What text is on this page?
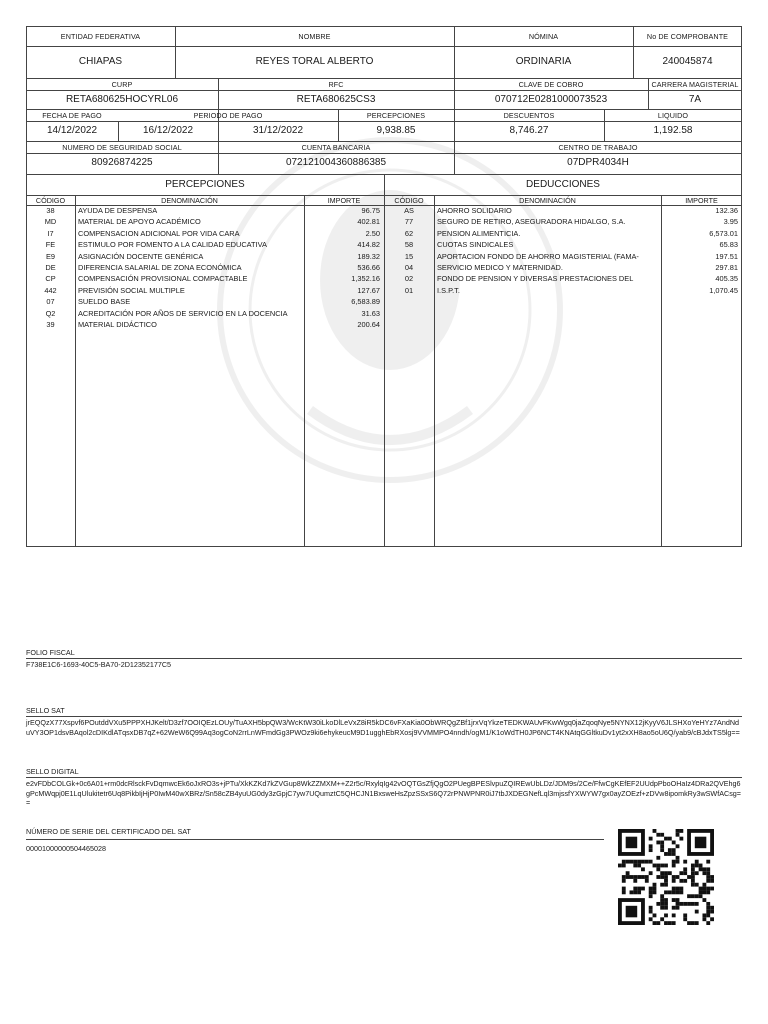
ENTIDAD FEDERATIVA	NOMBRE	NÓMINA	No DE COMPROBANTE
CHIAPAS	REYES TORAL ALBERTO	ORDINARIA	240045874
CURP	RFC	CLAVE DE COBRO	CARRERA MAGISTERIAL
RETA680625HOCYRL06	RETA680625CS3	070712E0281000073523	7A
FECHA DE PAGO	PERIODO DE PAGO	PERCEPCIONES	DESCUENTOS	LIQUIDO
14/12/2022	16/12/2022	31/12/2022	9,938.85	8,746.27	1,192.58
NUMERO DE SEGURIDAD SOCIAL	CUENTA BANCARIA	CENTRO DE TRABAJO
80926874225	072121004360886385	07DPR4034H
PERCEPCIONES	DEDUCCIONES
CÓDIGO	DENOMINACIÓN	IMPORTE	CÓDIGO	DENOMINACIÓN	IMPORTE
38	AYUDA DE DESPENSA	96.75
MD	MATERIAL DE APOYO ACADÉMICO	402.81
I7	COMPENSACION ADICIONAL POR VIDA CARA	2.50
FE	ESTIMULO POR FOMENTO A LA CALIDAD EDUCATIVA	414.82
E9	ASIGNACIÓN DOCENTE GENÉRICA	189.32
DE	DIFERENCIA SALARIAL DE ZONA ECONÓMICA	536.66
CP	COMPENSACIÓN PROVISIONAL COMPACTABLE	1,352.16
442	PREVISIÓN SOCIAL MULTIPLE	127.67
07	SUELDO BASE	6,583.89
Q2	ACREDITACIÓN POR AÑOS DE SERVICIO EN LA DOCENCIA	31.63
39	MATERIAL DIDÁCTICO	200.64
AS	AHORRO SOLIDARIO	132.36
77	SEGURO DE RETIRO, ASEGURADORA HIDALGO, S.A.	3.95
62	PENSION ALIMENTICIA.	6,573.01
58	CUOTAS SINDICALES	65.83
15	APORTACION FONDO DE AHORRO MAGISTERIAL (FAMA-	197.51
04	SERVICIO MEDICO Y MATERNIDAD.	297.81
02	FONDO DE PENSION Y DIVERSAS PRESTACIONES DEL	405.35
01	I.S.P.T.	1,070.45
FOLIO FISCAL
F738E1C6-1693-40C5-BA70-2D12352177C5
SELLO SAT
jrEQQzX77Xspvf6POutddVXu5PPPXHJKelt/D3zf7OOIQEzLOUy/TuAXH5bpQW3/WcKtW30iLkoDlLeVxZ8iR5kDC6vFXaKia0ObWRQgZBf1jrxVqYkzeTEDKWAUvFKwWgq0jaZqoqNye5NYNX12jKyyV6JLSHXoYeHYz7AndNduVY3OP1dsvBAqol2cDIKdlATqsxDB7qZ+62WeW6Q99Aq3ogCoN2rrLnWFmdGg3PWOz9ki6ehykeucM9D1ugghEbRXosj9VVMMPO4nndh/ogM1/K1oWdTH0JP6NCT4KNAtqGGltkuDv1yt2xXH8ao5oU6Q/yab9/cBJdxTS5lg==
SELLO DIGITAL
e2vFDbCOLGk+0c6A01+rm0dcRlsckFvDqmwcEk6oJxRO3s+jPTu/XkKZKd7kZVGup8WkZZMXM++Z2r5c/RxylqIg42vOQTGsZfjQgO2PUegBPESlvpuZQIREwUbLDz/JDM9s/2Ce/FfwCgKEfEF2UUdpPboOHaIz4DRa2QVEhg6gPcMWqpj0E1LqUlukitetr6Uq8PikbIjHjP0IwM40wXBRz/Sn58cZB4yuUG0dy3zGpjC7yw7UQumztC5QHCJN1BxsweHsZpzSSxS6Q72rPNWPNR0iJ7tbJXDEGNefLql3mjssfYXWYW7gx0ayZOEzf+zDVw8ipomkRy3wSWfACsg==
NÚMERO DE SERIE DEL CERTIFICADO DEL SAT
00001000000504465028
